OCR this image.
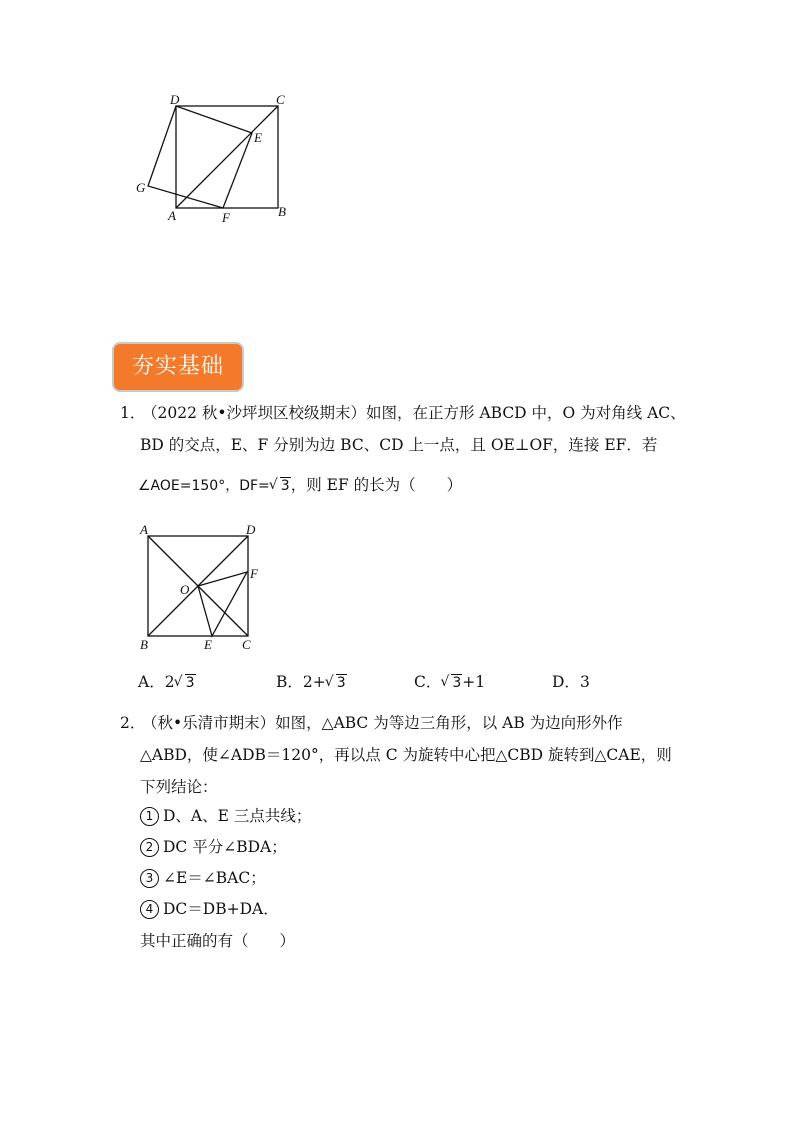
D	C
E
G
A	F	B
夯实基础
1．
（2022 秋•沙坪坝区校级期末）如图，在正方形 ABCD 中，O 为对角线 AC、
BD 的交点，E、F 分别为边 BC、CD 上一点，且 OE⊥OF，连接 EF．若
∠AOE=150°，DF= √ 3，则 EF 的长为（　　）
A	D
F
O
B	E C
A．2 √ 3	B．2+ √ 3	C． √ 3+1	D．3
2．
（秋•乐清市期末）如图，△ABC 为等边三角形，以 AB 为边向形外作
△ABD，使∠ADB＝120°，再以点 C 为旋转中心把△CBD 旋转到△CAE，则
下列结论：
1 D、A、E 三点共线；
2 DC 平分∠BDA；
3 ∠E＝∠BAC；
4 DC＝DB+DA．
其中正确的有（　　）
